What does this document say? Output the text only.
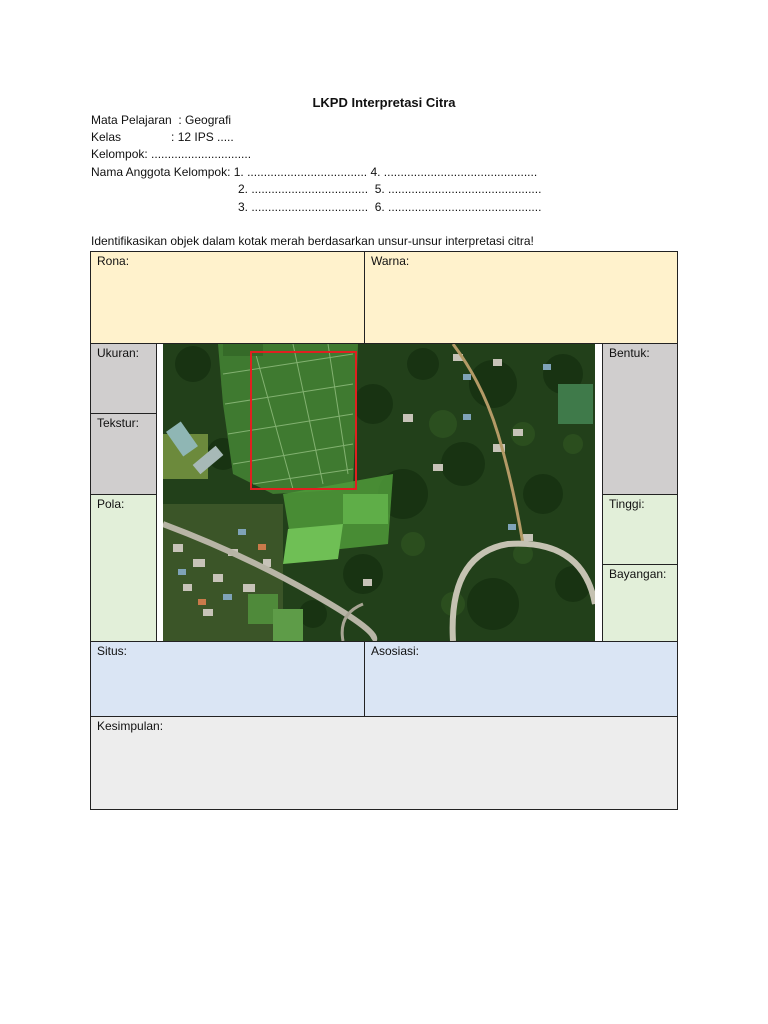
LKPD Interpretasi Citra
Mata Pelajaran  : Geografi
Kelas               : 12 IPS .....
Kelompok: ..............................
Nama Anggota Kelompok: 1. .................................... 4. ..............................................
2. ...................................  5. ..............................................
3. ...................................  6. ..............................................
Identifikasikan objek dalam kotak merah berdasarkan unsur-unsur interpretasi citra!
Rona:	Warna:
Ukuran:
Tekstur:
Pola:
Bentuk:
Tinggi:
Bayangan:
Situs:	Asosiasi:
Kesimpulan:
